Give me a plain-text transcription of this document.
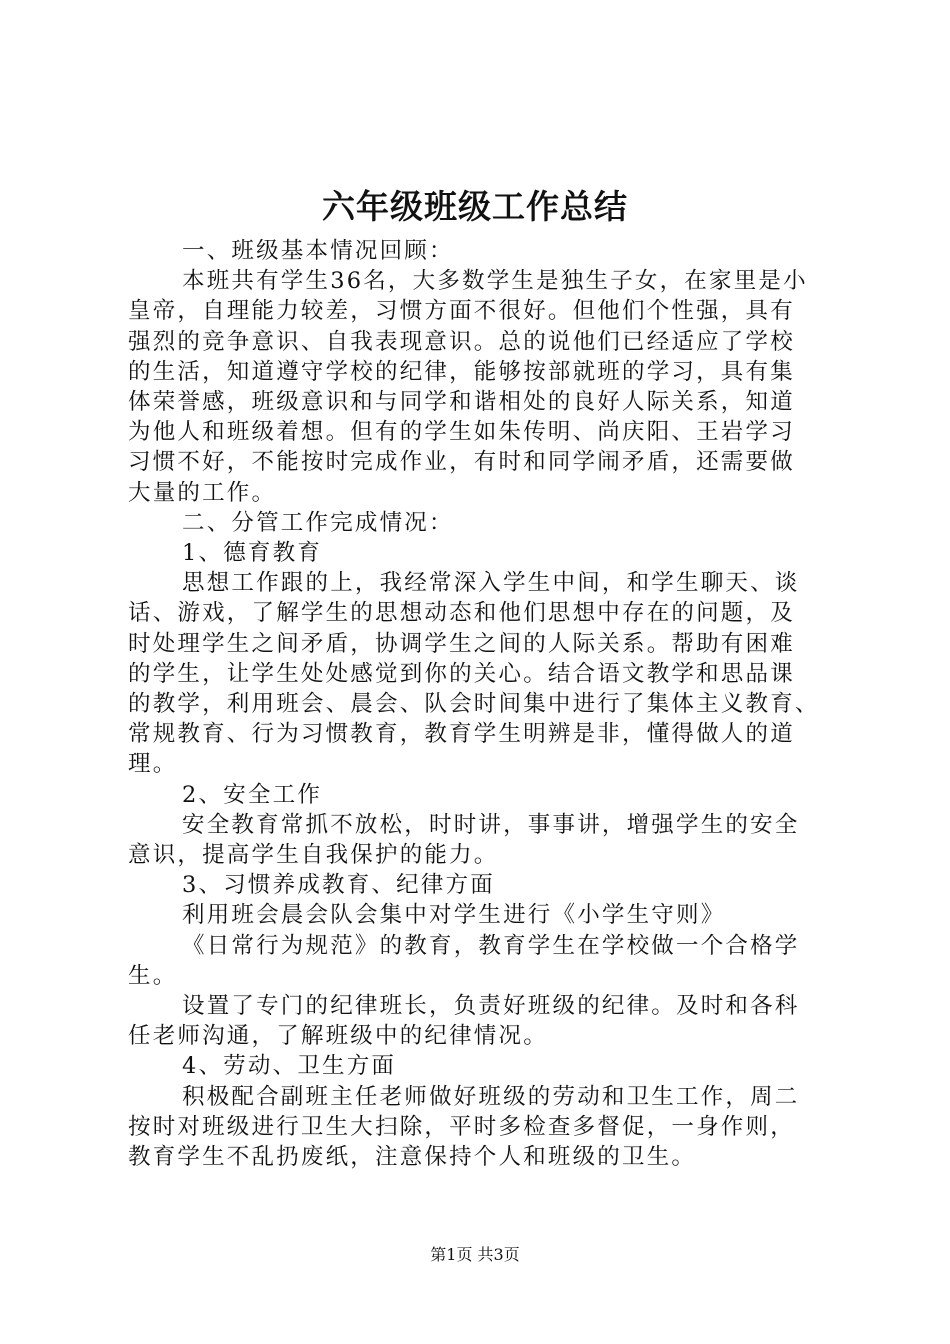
六年级班级工作总结
一、班级基本情况回顾：
本班共有学生36名，大多数学生是独生子女，在家里是小
皇帝，自理能力较差，习惯方面不很好。但他们个性强，具有
强烈的竞争意识、自我表现意识。总的说他们已经适应了学校
的生活，知道遵守学校的纪律，能够按部就班的学习，具有集
体荣誉感，班级意识和与同学和谐相处的良好人际关系，知道
为他人和班级着想。但有的学生如朱传明、尚庆阳、王岩学习
习惯不好，不能按时完成作业，有时和同学闹矛盾，还需要做
大量的工作。
二、分管工作完成情况：
1、德育教育
思想工作跟的上，我经常深入学生中间，和学生聊天、谈
话、游戏，了解学生的思想动态和他们思想中存在的问题，及
时处理学生之间矛盾，协调学生之间的人际关系。帮助有困难
的学生，让学生处处感觉到你的关心。结合语文教学和思品课
的教学，利用班会、晨会、队会时间集中进行了集体主义教育、
常规教育、行为习惯教育，教育学生明辨是非，懂得做人的道
理。
2、安全工作
安全教育常抓不放松，时时讲，事事讲，增强学生的安全
意识，提高学生自我保护的能力。
3、习惯养成教育、纪律方面
利用班会晨会队会集中对学生进行《小学生守则》
《日常行为规范》的教育，教育学生在学校做一个合格学
生。
设置了专门的纪律班长，负责好班级的纪律。及时和各科
任老师沟通，了解班级中的纪律情况。
4、劳动、卫生方面
积极配合副班主任老师做好班级的劳动和卫生工作，周二
按时对班级进行卫生大扫除，平时多检查多督促，一身作则，
教育学生不乱扔废纸，注意保持个人和班级的卫生。
第1页 共3页
